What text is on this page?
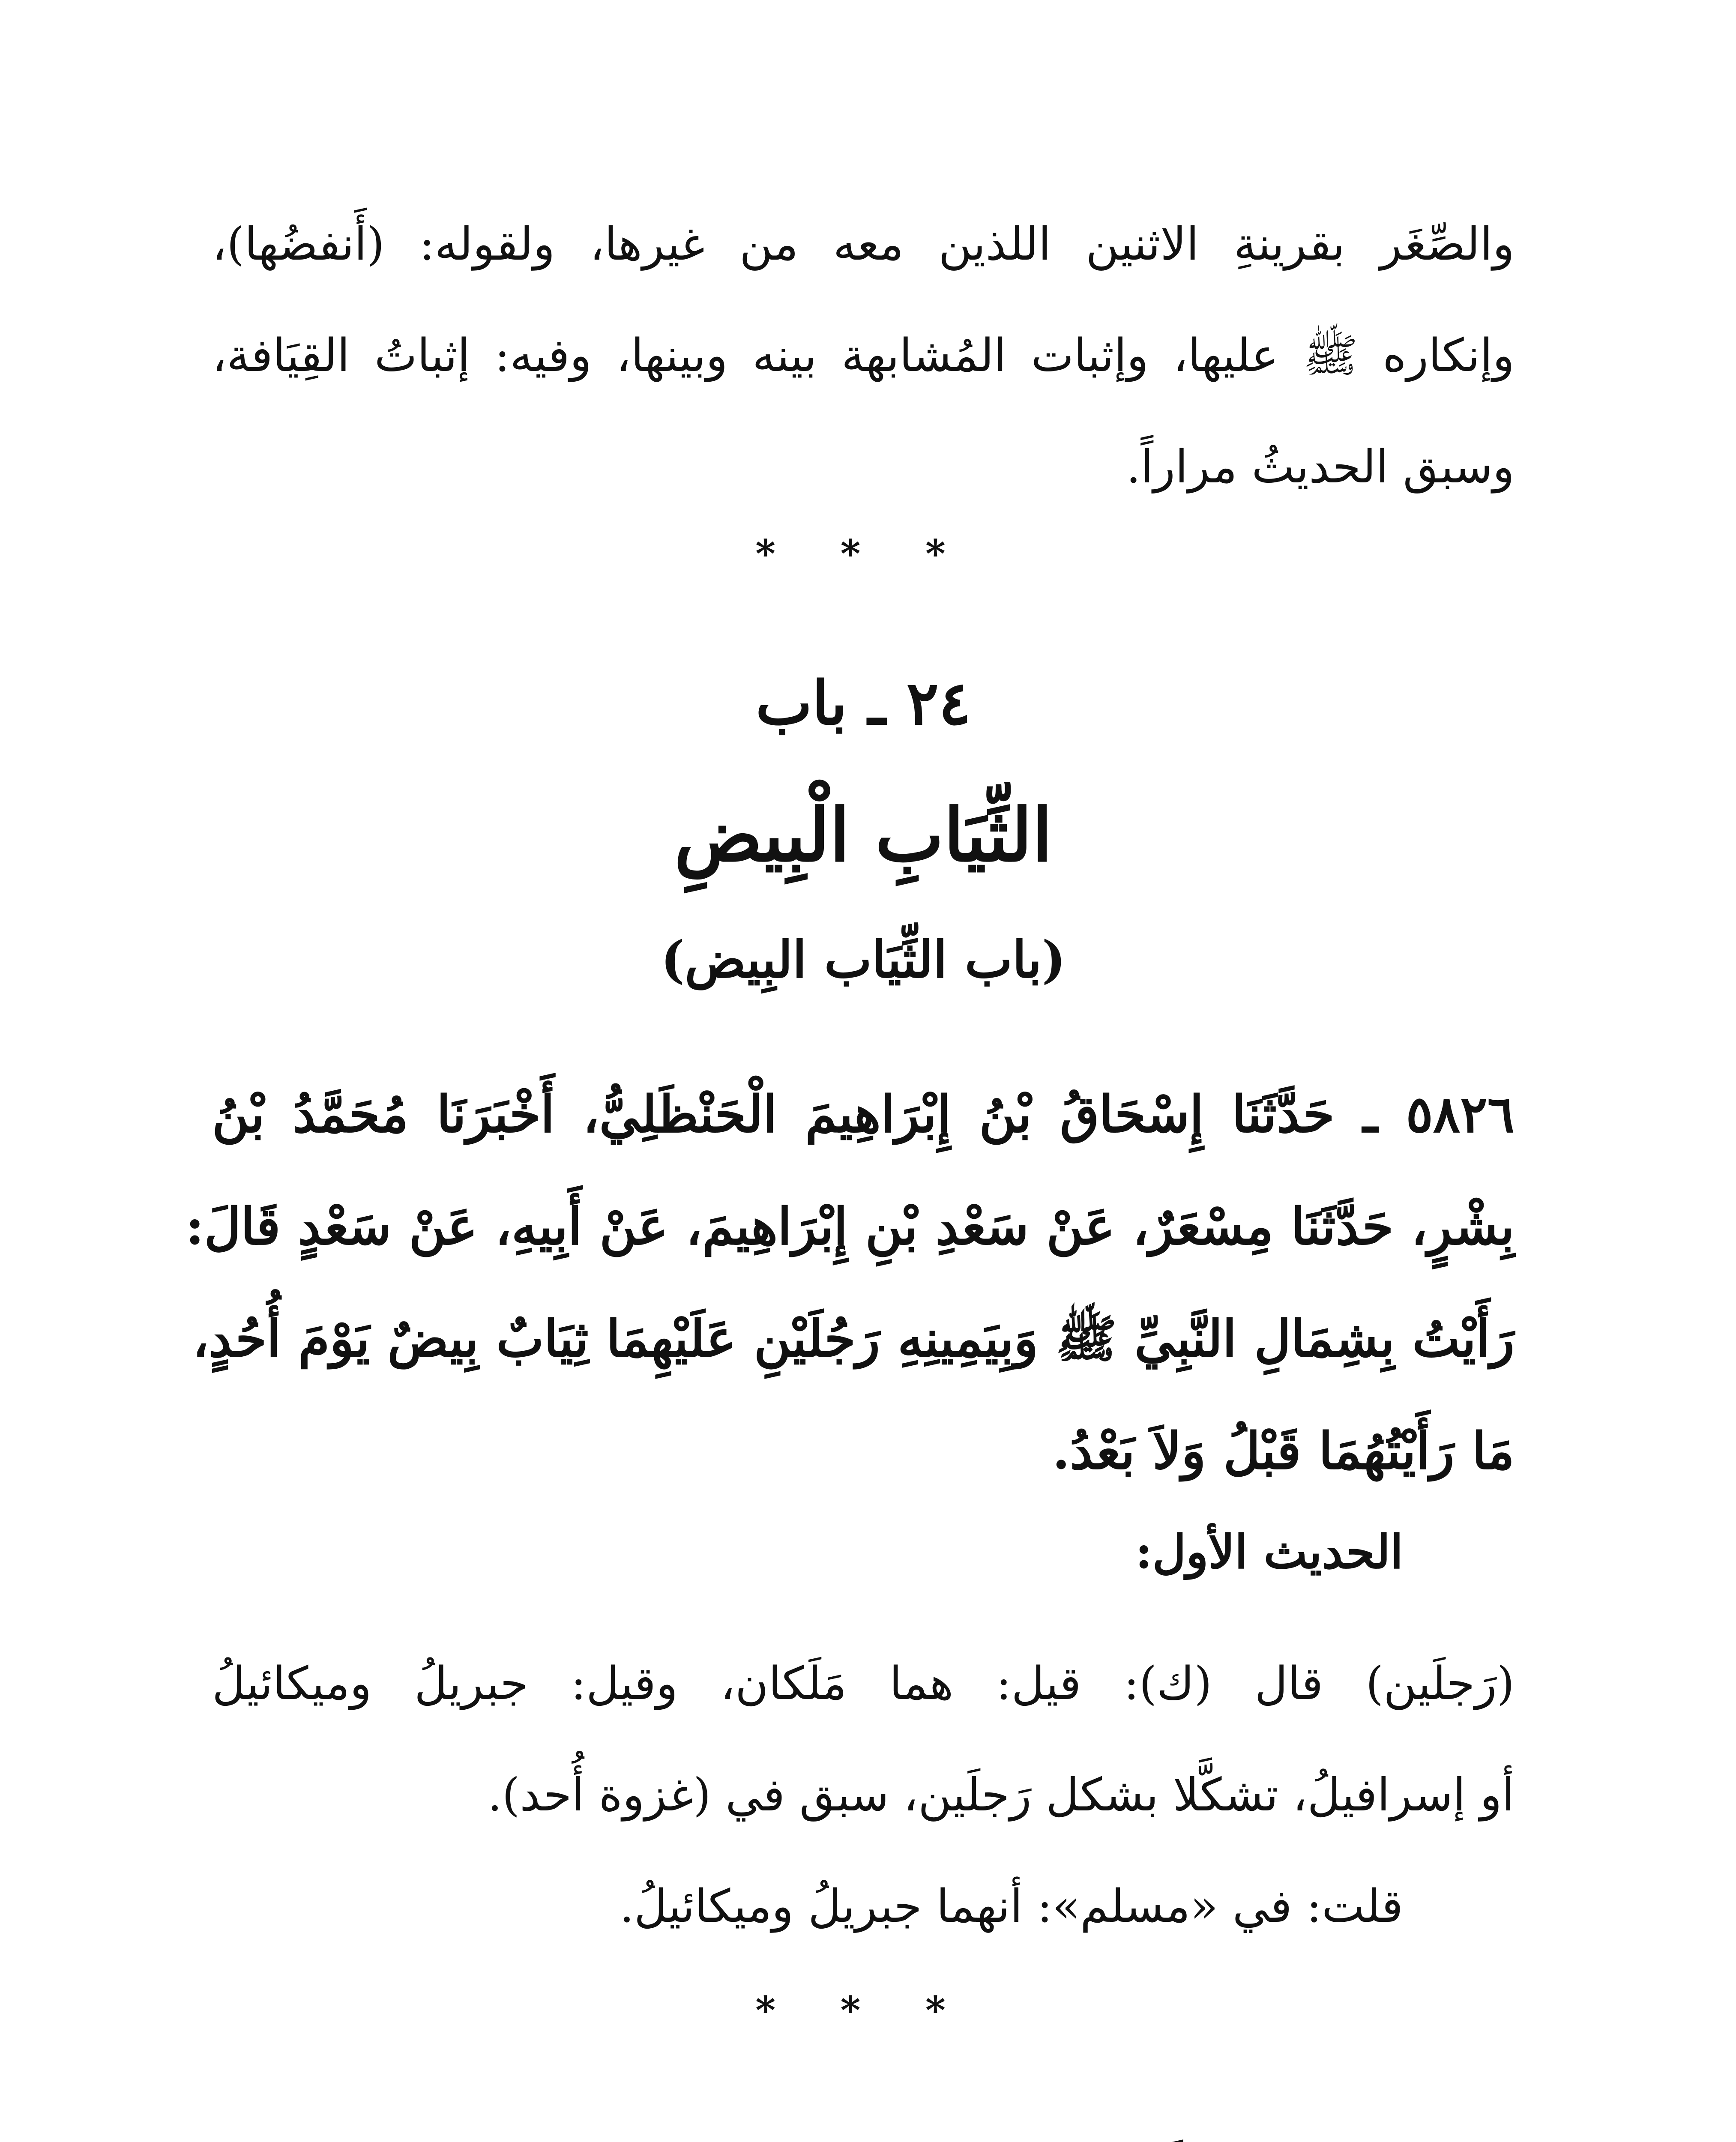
والصِّغَر بقرينةِ الاثنين اللذين معه من غيرها، ولقوله: (أَنفضُها)،
وإنكاره ﷺ عليها، وإثبات المُشابهة بينه وبينها، وفيه: إثباتُ القِيَافة،
وسبق الحديثُ مراراً.
* * *
٢٤ ـ باب
الثِّيَابِ الْبِيضِ
(باب الثِّيَاب البِيض)
٥٨٢٦ ـ حَدَّثَنَا إِسْحَاقُ بْنُ إِبْرَاهِيمَ الْحَنْظَلِيُّ، أَخْبَرَنَا مُحَمَّدُ بْنُ
بِشْرٍ، حَدَّثَنَا مِسْعَرٌ، عَنْ سَعْدِ بْنِ إِبْرَاهِيمَ، عَنْ أَبِيهِ، عَنْ سَعْدٍ قَالَ:
رَأَيْتُ بِشِمَالِ النَّبِيِّ ﷺ وَبِيَمِينِهِ رَجُلَيْنِ عَلَيْهِمَا ثِيَابٌ بِيضٌ يَوْمَ أُحُدٍ،
مَا رَأَيْتُهُمَا قَبْلُ وَلاَ بَعْدُ.
الحديث الأول:
(رَجلَين) قال (ك): قيل: هما مَلَكان، وقيل: جبريلُ وميكائيلُ
أو إسرافيلُ، تشكَّلا بشكل رَجلَين، سبق في (غزوة أُحد).
قلت: في «مسلم»: أنهما جبريلُ وميكائيلُ.
* * *
